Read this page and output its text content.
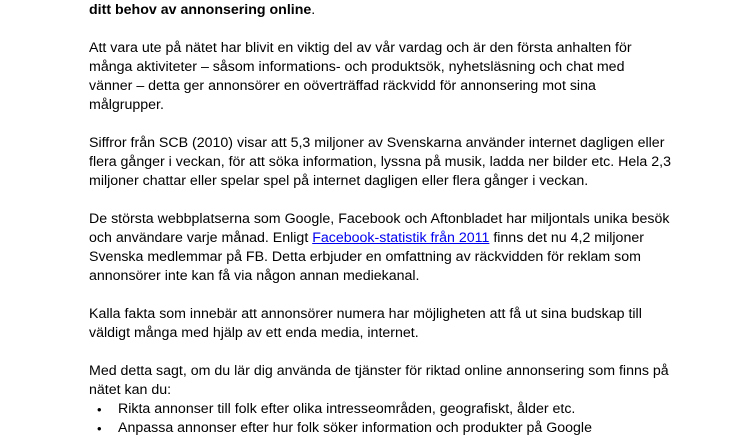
ditt behov av annonsering online.
Att vara ute på nätet har blivit en viktig del av vår vardag och är den första anhalten för
många aktiviteter – såsom informations- och produktsök, nyhetsläsning och chat med
vänner – detta ger annonsörer en oöverträffad räckvidd för annonsering mot sina
målgrupper.
Siffror från SCB (2010) visar att 5,3 miljoner av Svenskarna använder internet dagligen eller
flera gånger i veckan, för att söka information, lyssna på musik, ladda ner bilder etc. Hela 2,3
miljoner chattar eller spelar spel på internet dagligen eller flera gånger i veckan.
De största webbplatserna som Google, Facebook och Aftonbladet har miljontals unika besök
och användare varje månad. Enligt Facebook-statistik från 2011 finns det nu 4,2 miljoner
Svenska medlemmar på FB. Detta erbjuder en omfattning av räckvidden för reklam som
annonsörer inte kan få via någon annan mediekanal.
Kalla fakta som innebär att annonsörer numera har möjligheten att få ut sina budskap till
väldigt många med hjälp av ett enda media, internet.
Med detta sagt, om du lär dig använda de tjänster för riktad online annonsering som finns på
nätet kan du:
• Rikta annonser till folk efter olika intresseområden, geografiskt, ålder etc.
• Anpassa annonser efter hur folk söker information och produkter på Google
